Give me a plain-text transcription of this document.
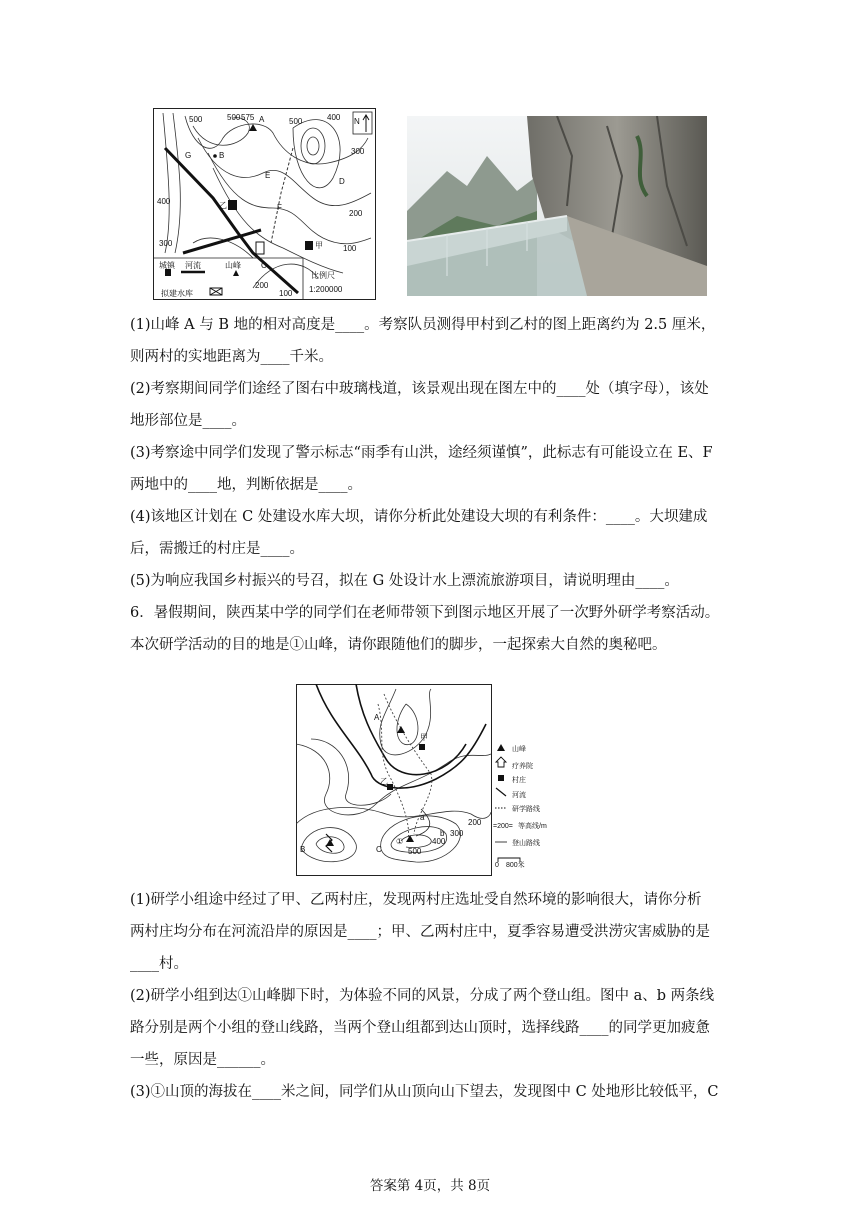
500	500 575	400
500
300
400
200
300
100
200
100
A
B
G
E
F
D
C
乙
甲
N
城镇 河流	山峰
拟建水库
比例尺
1:200000
(1)山峰 A 与 B 地的相对高度是____。考察队员测得甲村到乙村的图上距离约为 2.5 厘米，
则两村的实地距离为____千米。
(2)考察期间同学们途经了图右中玻璃栈道，该景观出现在图左中的____处（填字母），该处
地形部位是____。
(3)考察途中同学们发现了警示标志“雨季有山洪，途经须谨慎”，此标志有可能设立在 E、F
两地中的____地，判断依据是____。
(4)该地区计划在 C 处建设水库大坝，请你分析此处建设大坝的有利条件：____。大坝建成
后，需搬迁的村庄是____。
(5)为响应我国乡村振兴的号召，拟在 G 处设计水上漂流旅游项目，请说明理由____。
6．暑假期间，陕西某中学的同学们在老师带领下到图示地区开展了一次野外研学考察活动。
本次研学活动的目的地是①山峰，请你跟随他们的脚步，一起探索大自然的奥秘吧。
A
甲
乙
B	C
a
b
①
300
200
400
500
山峰
疗养院
村庄
河流
研学路线
=200= 等高线/m
登山路线
0 800米
(1)研学小组途中经过了甲、乙两村庄，发现两村庄选址受自然环境的影响很大，请你分析
两村庄均分布在河流沿岸的原因是____；甲、乙两村庄中，夏季容易遭受洪涝灾害威胁的是
____村。
(2)研学小组到达①山峰脚下时，为体验不同的风景，分成了两个登山组。图中 a、b 两条线
路分别是两个小组的登山线路，当两个登山组都到达山顶时，选择线路____的同学更加疲惫
一些，原因是______。
(3)①山顶的海拔在____米之间，同学们从山顶向山下望去，发现图中 C 处地形比较低平，C
答案第 4页，共 8页
